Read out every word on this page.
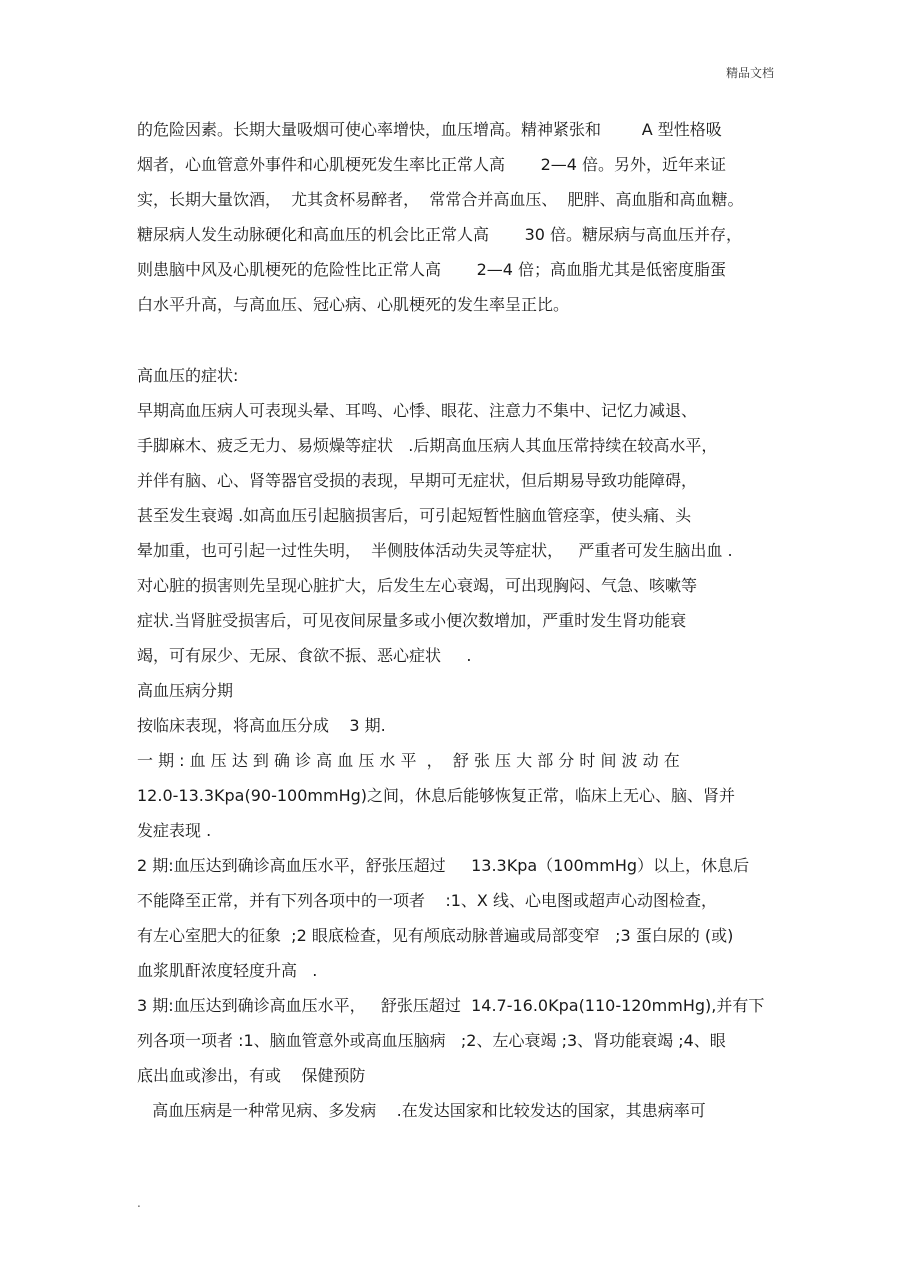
精品文档
的危险因素。长期大量吸烟可使心率增快，血压增高。精神紧张和        A 型性格吸
烟者，心血管意外事件和心肌梗死发生率比正常人高       2—4 倍。另外，近年来证
实，长期大量饮酒，  尤其贪杯易醉者，  常常合并高血压、  肥胖、高血脂和高血糖。
糖尿病人发生动脉硬化和高血压的机会比正常人高       30 倍。糖尿病与高血压并存，
则患脑中风及心肌梗死的危险性比正常人高       2—4 倍；高血脂尤其是低密度脂蛋
白水平升高，与高血压、冠心病、心肌梗死的发生率呈正比。
高血压的症状:
早期高血压病人可表现头晕、耳鸣、心悸、眼花、注意力不集中、记忆力减退、
手脚麻木、疲乏无力、易烦燥等症状   .后期高血压病人其血压常持续在较高水平，
并伴有脑、心、肾等器官受损的表现，早期可无症状，但后期易导致功能障碍，
甚至发生衰竭 .如高血压引起脑损害后，可引起短暂性脑血管痉挛，使头痛、头
晕加重，也可引起一过性失明，  半侧肢体活动失灵等症状，   严重者可发生脑出血 .
对心脏的损害则先呈现心脏扩大，后发生左心衰竭，可出现胸闷、气急、咳嗽等
症状.当肾脏受损害后，可见夜间尿量多或小便次数增加，严重时发生肾功能衰
竭，可有尿少、无尿、食欲不振、恶心症状     .
高血压病分期
按临床表现，将高血压分成    3 期.
一 期 : 血 压 达 到 确 诊 高 血 压 水 平  ，  舒 张 压 大 部 分 时 间 波 动 在
12.0-13.3Kpa(90-100mmHg)之间，休息后能够恢复正常，临床上无心、脑、肾并
发症表现 .
2 期:血压达到确诊高血压水平，舒张压超过     13.3Kpa（100mmHg）以上，休息后
不能降至正常，并有下列各项中的一项者    :1、X 线、心电图或超声心动图检查，
有左心室肥大的征象  ;2 眼底检查，见有颅底动脉普遍或局部变窄   ;3 蛋白尿的 (或)
血浆肌酐浓度轻度升高   .
3 期:血压达到确诊高血压水平，   舒张压超过  14.7-16.0Kpa(110-120mmHg),并有下
列各项一项者 :1、脑血管意外或高血压脑病   ;2、左心衰竭 ;3、肾功能衰竭 ;4、眼
底出血或渗出，有或    保健预防
高血压病是一种常见病、多发病    .在发达国家和比较发达的国家，其患病率可
.
